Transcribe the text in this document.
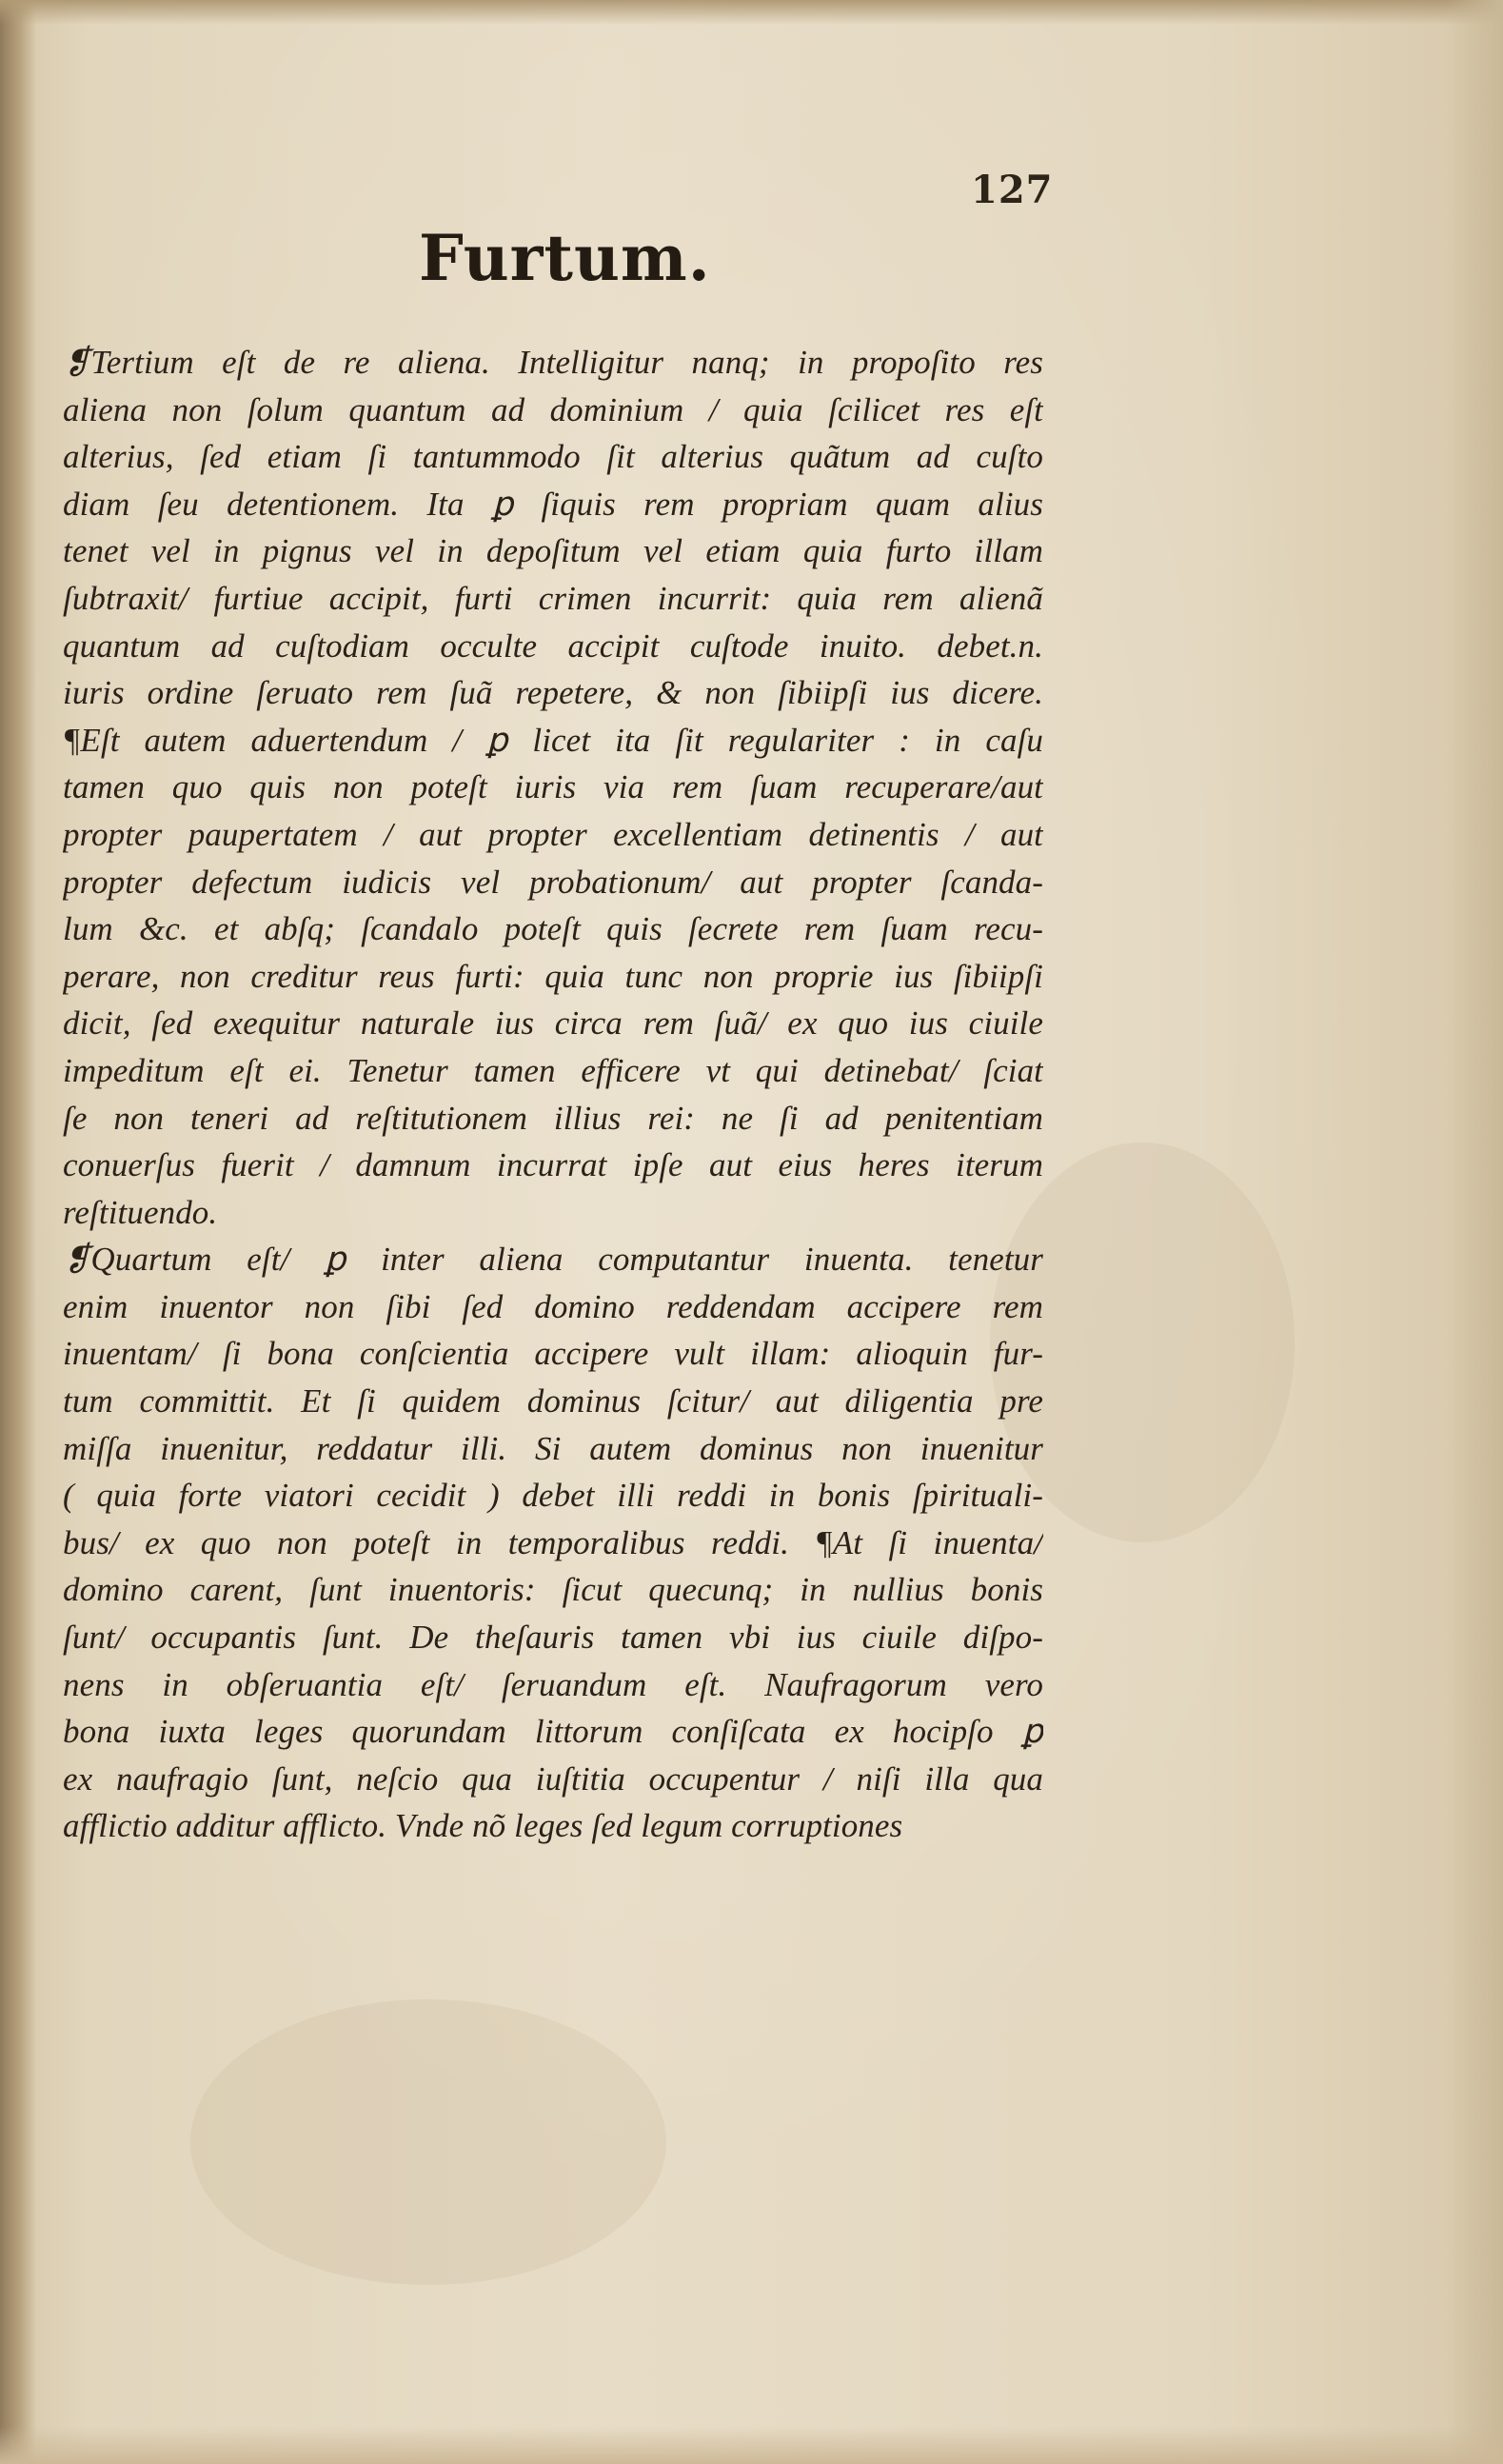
127
Furtum.
❡Tertium eſt de re aliena. Intelligitur nanq; in propoſito res
aliena non ſolum quantum ad dominium / quia ſcilicet res eſt
alterius, ſed etiam ſi tantummodo ſit alterius quãtum ad cuſto
diam ſeu detentionem. Ita ꝑ ſiquis rem propriam quam alius
tenet vel in pignus vel in depoſitum vel etiam quia furto illam
ſubtraxit/ furtiue accipit, furti crimen incurrit: quia rem alienã
quantum ad cuſtodiam occulte accipit cuſtode inuito. debet.n.
iuris ordine ſeruato rem ſuã repetere, & non ſibiipſi ius dicere.
¶Eſt autem aduertendum / ꝑ licet ita ſit regulariter : in caſu
tamen quo quis non poteſt iuris via rem ſuam recuperare/aut
propter paupertatem / aut propter excellentiam detinentis / aut
propter defectum iudicis vel probationum/ aut propter ſcanda-
lum &c. et abſq; ſcandalo poteſt quis ſecrete rem ſuam recu-
perare, non creditur reus furti: quia tunc non proprie ius ſibiipſi
dicit, ſed exequitur naturale ius circa rem ſuã/ ex quo ius ciuile
impeditum eſt ei. Tenetur tamen efficere vt qui detinebat/ ſciat
ſe non teneri ad reſtitutionem illius rei: ne ſi ad penitentiam
conuerſus fuerit / damnum incurrat ipſe aut eius heres iterum
reſtituendo.
❡Quartum eſt/ ꝑ inter aliena computantur inuenta. tenetur
enim inuentor non ſibi ſed domino reddendam accipere rem
inuentam/ ſi bona conſcientia accipere vult illam: alioquin fur-
tum committit. Et ſi quidem dominus ſcitur/ aut diligentia pre
miſſa inuenitur, reddatur illi. Si autem dominus non inuenitur
( quia forte viatori cecidit ) debet illi reddi in bonis ſpirituali-
bus/ ex quo non poteſt in temporalibus reddi. ¶At ſi inuenta/
domino carent, ſunt inuentoris: ſicut quecunq; in nullius bonis
ſunt/ occupantis ſunt. De theſauris tamen vbi ius ciuile diſpo-
nens in obſeruantia eſt/ ſeruandum eſt. Naufragorum vero
bona iuxta leges quorundam littorum conſiſcata ex hocipſo ꝑ
ex naufragio ſunt, neſcio qua iuſtitia occupentur / niſi illa qua
afflictio additur afflicto. Vnde nõ leges ſed legum corruptiones
